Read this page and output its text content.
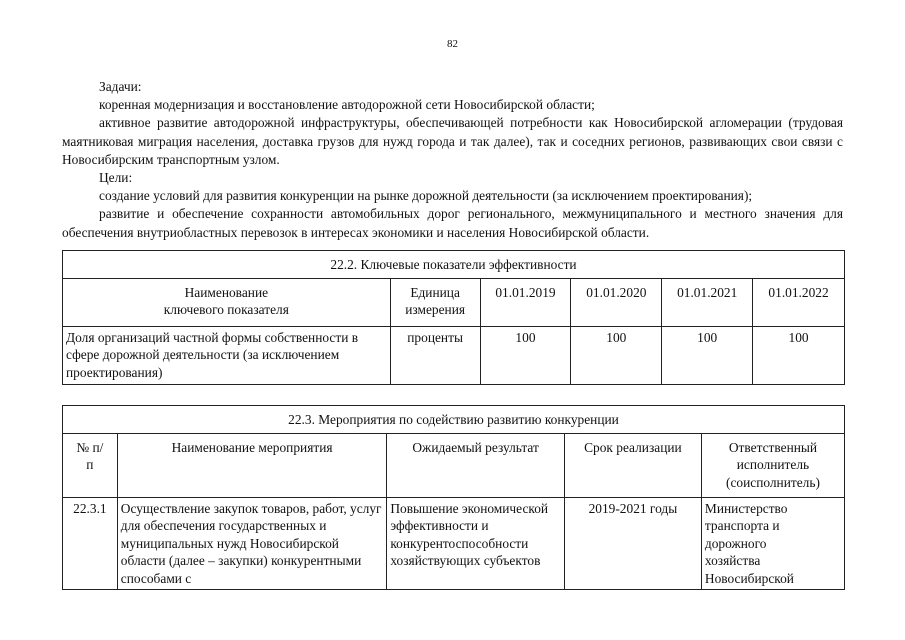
82

Задачи:

коренная модернизация и восстановление автодорожной сети Новосибирской области;

активное развитие автодорожной инфраструктуры, обеспечивающей потребности как Новосибирской агломерации (трудовая маятниковая миграция населения, доставка грузов для нужд города и так далее), так и соседних регионов, развивающих свои связи с Новосибирским транспортным узлом.

Цели:

создание условий для развития конкуренции на рынке дорожной деятельности (за исключением проектирования);

развитие и обеспечение сохранности автомобильных дорог регионального, межмуниципального и местного значения для обеспечения внутриобластных перевозок в интересах экономики и населения Новосибирской области.

22.2. Ключевые показатели эффективности					
Наименование ключевого показателя	Единица измерения	01.01.2019	01.01.2020	01.01.2021	01.01.2022
Доля организаций частной формы собственности в сфере дорожной деятельности (за исключением проектирования)	проценты	100	100	100	100
22.3. Мероприятия по содействию развитию конкуренции				
№ п/п	Наименование мероприятия	Ожидаемый результат	Срок реализации	Ответственный исполнитель (соисполнитель)
22.3.1	Осуществление закупок товаров, работ, услуг для обеспечения государственных и муниципальных нужд Новосибирской области (далее – закупки) конкурентными способами с	Повышение экономической эффективности и конкурентоспособности хозяйствующих субъектов	2019-2021 годы	Министерство транспорта и дорожного хозяйства Новосибирской
